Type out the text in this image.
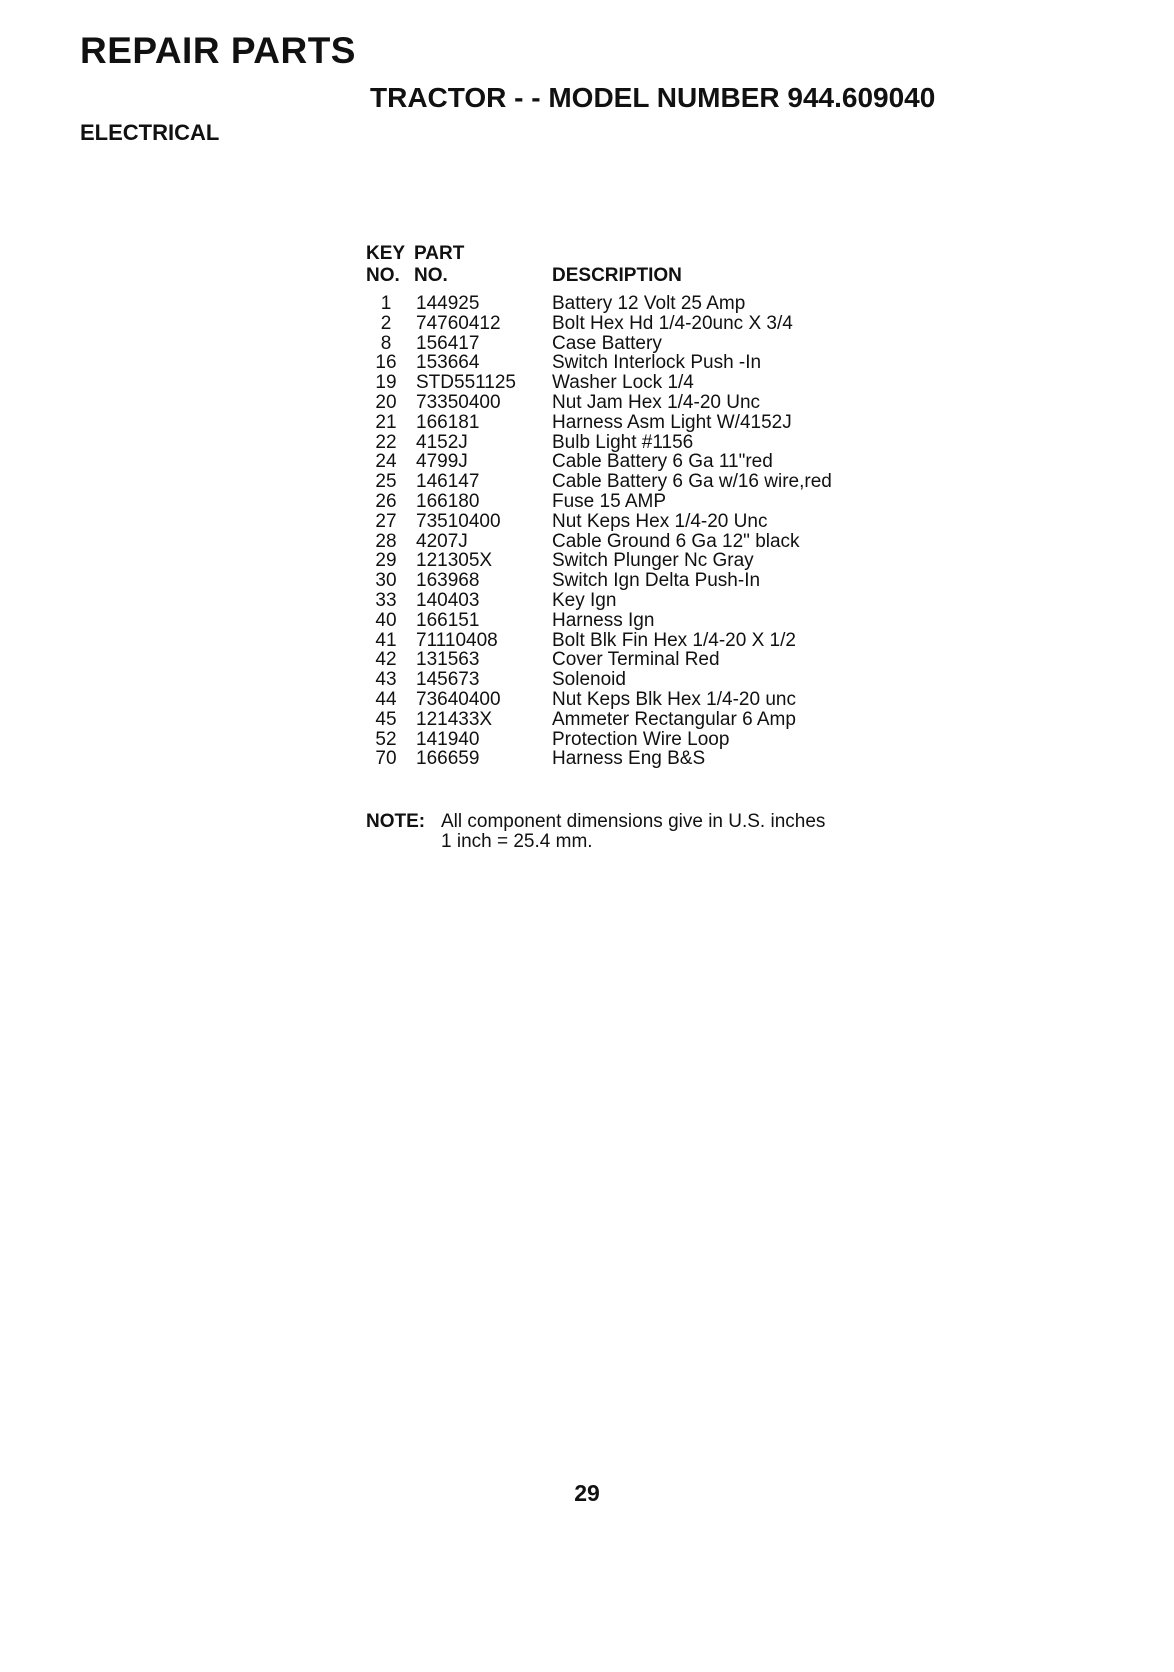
REPAIR PARTS
TRACTOR - - MODEL NUMBER 944.609040
ELECTRICAL
KEY	PART	
NO.	NO.	DESCRIPTION
1	144925	Battery 12 Volt 25 Amp
2	74760412	Bolt Hex Hd 1/4-20unc X 3/4
8	156417	Case Battery
16	153664	Switch Interlock Push -In
19	STD551125	Washer Lock 1/4
20	73350400	Nut Jam Hex 1/4-20 Unc
21	166181	Harness Asm Light W/4152J
22	4152J	Bulb Light #1156
24	4799J	Cable Battery 6 Ga 11"red
25	146147	Cable Battery 6 Ga w/16 wire,red
26	166180	Fuse 15 AMP
27	73510400	Nut Keps Hex 1/4-20 Unc
28	4207J	Cable Ground 6 Ga 12" black
29	121305X	Switch Plunger Nc Gray
30	163968	Switch Ign Delta Push-In
33	140403	Key Ign
40	166151	Harness Ign
41	71110408	Bolt Blk Fin Hex 1/4-20 X 1/2
42	131563	Cover Terminal Red
43	145673	Solenoid
44	73640400	Nut Keps Blk Hex 1/4-20 unc
45	121433X	Ammeter Rectangular 6 Amp
52	141940	Protection Wire Loop
70	166659	Harness Eng B&S
NOTE: All component dimensions give in U.S. inches
1 inch = 25.4 mm.
29
